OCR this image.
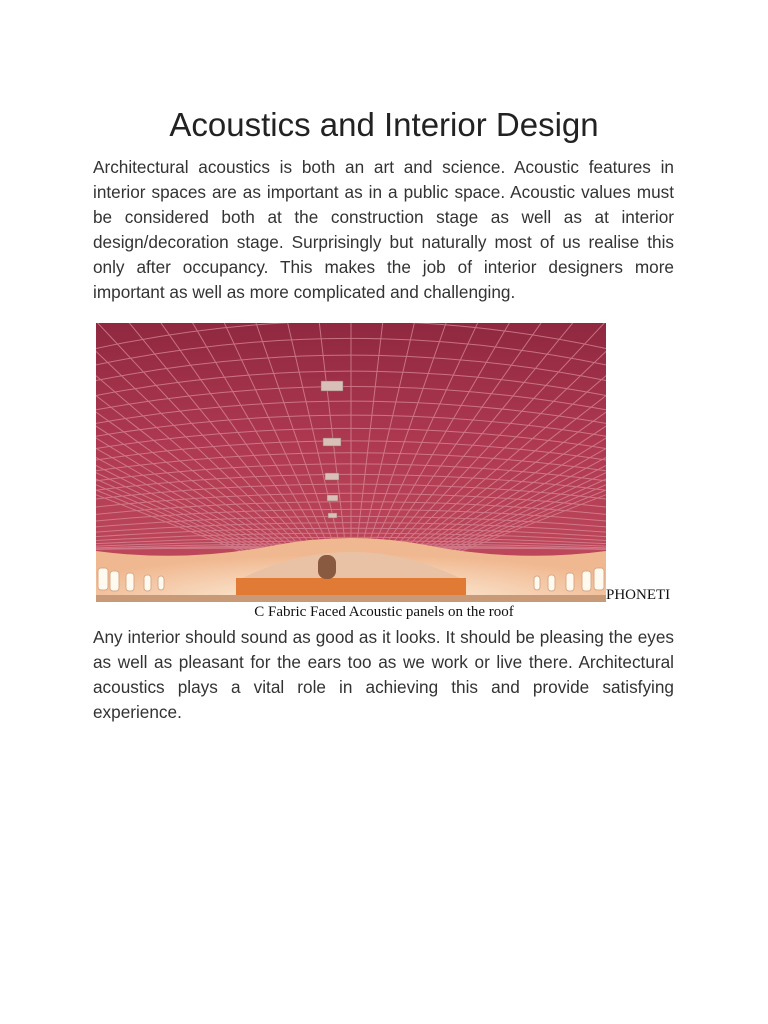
Acoustics and Interior Design

Architectural acoustics is both an art and science. Acoustic features in interior spaces are as important as in a public space. Acoustic values must be considered both at the construction stage as well as at interior design/decoration stage. Surprisingly but naturally most of us realise this only after occupancy. This makes the job of interior designers more important as well as more complicated and challenging.

PHONETI
C Fabric Faced Acoustic panels on the roof

Any interior should sound as good as it looks. It should be pleasing the eyes as well as pleasant for the ears too as we work or live there. Architectural acoustics plays a vital role in achieving this and provide satisfying experience.
